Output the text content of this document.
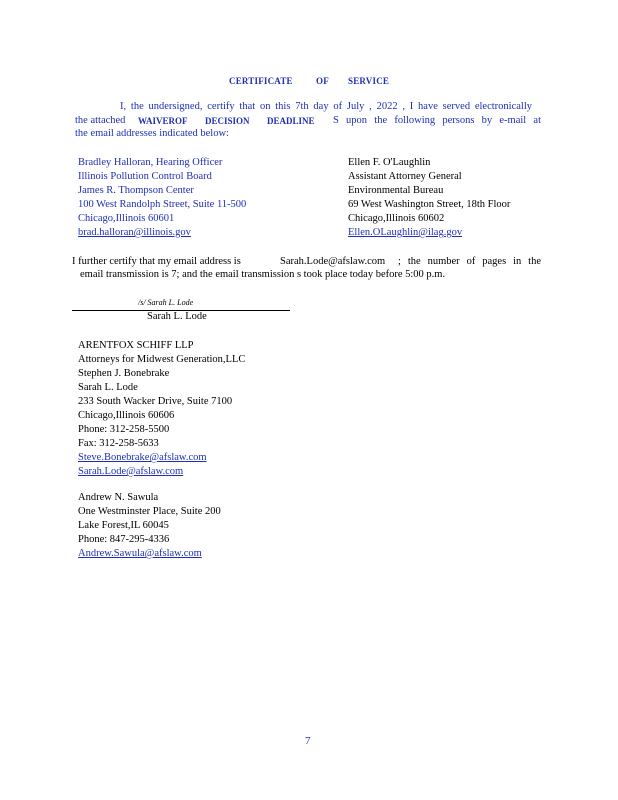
CERTIFICATE	OF SERVICE
I, the undersigned, certify that on this 7th day of July , 2022 , I have served electronically
the attached WAIVEROF DECISION DEADLINE S upon the following persons by e-mail at
the email addresses indicated below:
Bradley Halloran, Hearing Officer
Illinois Pollution Control Board
James R. Thompson Center
100 West Randolph Street, Suite 11-500
Chicago,Illinois 60601
brad.halloran@illinois.gov
Ellen F. O'Laughlin
Assistant Attorney General
Environmental Bureau
69 West Washington Street, 18th Floor
Chicago,Illinois 60602
Ellen.OLaughlin@ilag.gov
I further certify that my email address is	Sarah.Lode@afslaw.com ; the number of pages in the
email transmission is 7; and the email transmission s took place today before 5:00 p.m.
/s/ Sarah L. Lode
Sarah L. Lode
ARENTFOX SCHIFF LLP
Attorneys for Midwest Generation,LLC
Stephen J. Bonebrake
Sarah L. Lode
233 South Wacker Drive, Suite 7100
Chicago,Illinois 60606
Phone: 312-258-5500
Fax: 312-258-5633
Steve.Bonebrake@afslaw.com
Sarah.Lode@afslaw.com
Andrew N. Sawula
One Westminster Place, Suite 200
Lake Forest,IL 60045
Phone: 847-295-4336
Andrew.Sawula@afslaw.com
7
